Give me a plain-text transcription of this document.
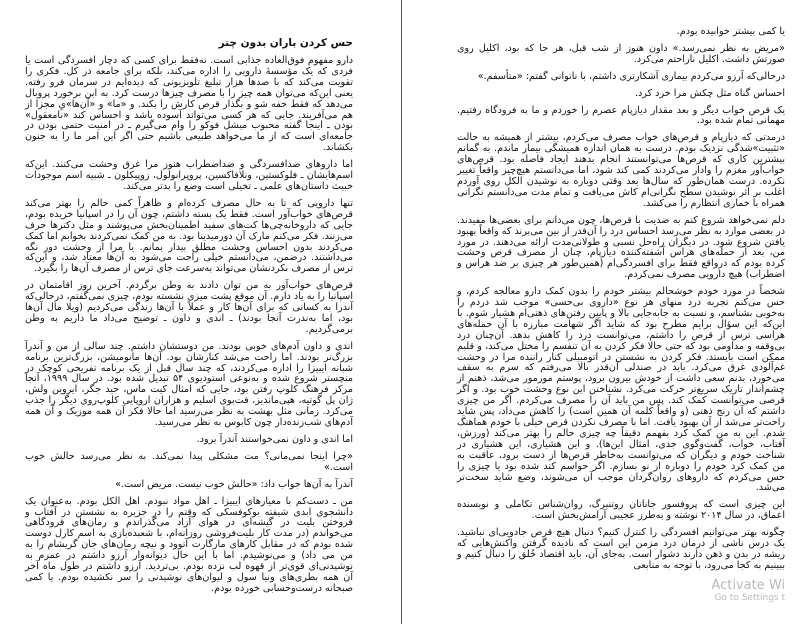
حس کردن باران بدون چتر

دارو مفهوم فوق‌العاده جذابی است. نه‌فقط برای کسی که دچار افسردگی است یا فردی که یک مؤسسهٔ دارویی را اداره می‌کند، بلکه برای جامعه در کل. فکری را تقویت می‌کند که با صدها هزار تبلیغ تلویزیونی که دیده‌ایم در سرمان فرو رفته. یعنی این‌که می‌توان همه چیز را با مصرف چیزها درست کرد. به این برخورد پروبال می‌دهد که فقط خفه شو و بگذار قرص کارش را بکند. و «ما» و «آن‌ها»یِ مجزا از هم می‌آفریند. جایی که هر کسی می‌تواند آسوده باشد و احساس کند «نامعقول» بودن ـ اینجا گفته محبوب میشل فوکو را وام می‌گیرم ـ در امنیت حتمی بودن در جامعه‌ای است که از ما می‌خواهد طبیعی باشیم حتی اگر این امر ما را به جنون بکشاند.

اما داروهای ضدافسردگی و ضداضطراب هنوز مرا غرق وحشت می‌کنند. این‌که اسم‌هایشان ـ فلوکستین، ونلافاکسین، پروپرانولول، زوپیکلون ـ شبیه اسم موجودات خبیث داستان‌های علمی ـ تخیلی است وضع را بدتر می‌کند.

تنها دارویی که تا به حال مصرف کرده‌ام و ظاهراً کمی حالم را بهتر می‌کند قرص‌های خواب‌آور است. فقط یک بسته داشتم، چون آن را در اسپانیا خریده بودم، جایی که داروخانه‌چی‌ها کت‌های سفید اطمینان‌بخش می‌پوشند و مثل دکترها حرف می‌زنند. فکر می‌کنم مارک آن دورمیدینا بود. به من کمک نمی‌کردند بخوابم اما کمک می‌کردند بدون احساس وحشت مطلق بیدار بمانم. یا مرا از وحشت دور نگه می‌داشتند. درضمن، می‌دانستم خیلی راحت می‌شود به آن‌ها معتاد شد، و این‌که ترس از مصرف نکردنشان می‌تواند به‌سرعت جای ترس از مصرف آن‌ها را بگیرد.

قرص‌های خواب‌آور به من توان دادند به وطن برگردم. آخرین روز اقامتمان در اسپانیا را به یاد دارم. آن موقع پشت میزی نشسته بودم، چیزی نمی‌گفتم، درحالی‌که آندرا به کسانی که برای آن‌ها کار و عملاً با آن‌ها زندگی می‌کردیم (ویلا مال آن‌ها بود، اما به‌ندرت آنجا بودند) ـ اندی و داون ـ توضیح می‌داد ما داریم به وطن برمی‌گردیم.

اندی و داون آدم‌های خوبی بودند. من دوستشان داشتم. چند سالی از من و آندرآ بزرگ‌تر بودند. اما راحت می‌شد کنارشان بود. آن‌ها مانومیشن، بزرگ‌ترین برنامه شبانه ایبیزا را اداره می‌کردند، که چند سال قبل از یک برنامه تفریحی کوچک در منچستر شروع شده و به‌نوعی استودیوی ۵۴ تبدیل شده بود. در سال ۱۹۹۹، آنجا مرکز فرهنگ کلوپ رفتن بود، جایی که امثال کیت ماس، جید جگر، ایروین ولش، ژان پل گوتیه، هپی‌ماندیز، فت‌بوی اسلیم و هزاران اروپایی کلوپ‌روی دیگر را جذب می‌کرد. زمانی مثل بهشت به نظر می‌رسید اما حالا فکر آن همه موزیک و آن همه آدم‌های شب‌زنده‌دار چون کابوس به نظر می‌رسید.

اما اندی و داون نمی‌خواستند آندرآ برود.

«چرا اینجا نمی‌مانی؟ مت مشکلی پیدا نمی‌کند. به نظر می‌رسد حالش خوب است.»

آندرآ به آن‌ها جواب داد: «حالش خوب نیست. مریض است.»

من ـ دست‌کم با معیارهای ایبیزا ـ اهل مواد نبودم. اهل الکل بودم. به‌عنوان یک دانشجوی ابدی شیفته بوکوفسکی که وقتم را در جزیره به نشستن در آفتاب و فروختن بلیت در گیشه‌ای در هوای آزاد می‌گذراندم و رمان‌های فرودگاهی می‌خواندم (در مدت کار بلیت‌فروشی روزانه‌ام، با شعبده‌بازی به اسم کارل دوست شده بودم که در مقابل کارهای مارگارت آتوود و نیچه رمان‌های جان گریشام را به من می داد) و می‌نوشیدم. اما با این حال دیوانه‌وار آرزو داشتم در عمرم به نوشیدنی‌ای قوی‌تر از قهوه لب نزده بودم. بی‌تردید. آرزو داشتم در طول ماه آخر آن همه بطری‌های ونیا سول و لیوان‌های نوشیدنی را سر نکشیده بودم. یا کمی صبحانه درست‌وحسابی خورده بودم.

یا کمی بیشتر خوابیده بودم.

«مریض به نظر نمی‌رسد.» داون هنوز از شب قبل، هر جا که بود، اکلیل روی صورتش داشت. اکلیل ناراحتم می‌کرد.

درحالی‌که آرزو می‌کردم بیماری آشکارتری داشتم، با ناتوانی گفتم: «متأسفم.»

احساس گناه مثل چکش مرا خرد کرد.

یک قرص خواب دیگر و بعد مقدار دیازپام عصرم را خوردم و ما به فرودگاه رفتیم. مهمانی تمام شده بود.

درمدتی که دیازپام و قرص‌های خواب مصرف می‌کردم، بیشتر از همیشه به حالت «تثبیت»شدگی نزدیک بودم. درست به همان اندازه همیشگی بیمار ماندم. به گمانم بیشترین کاری که قرص‌ها می‌توانستند انجام بدهند ایجاد فاصله بود. قرص‌های خواب‌آور مغزم را وادار می‌کردند کمی کند شود، اما می‌دانستم هیچ‌چیز واقعاً تغییر نکرده. درست همان‌طور که سال‌ها بعد وقتی دوباره به نوشیدن الکل روی آوردم اغلب بر اثر نوشیدن سطح نگرانی‌ام کاش می‌یافت و تمام مدت می‌دانستم نگرانی همراه با خماری انتظارم را می‌کشد.

دلم نمی‌خواهد شروع کنم به ضدیت با قرص‌ها، چون می‌دانم برای بعضی‌ها مفیدند. در بعضی موارد به نظر می‌رسد احساس درد را آن‌قدر از بین می‌برند که واقعاً بهبود یافتن شروع شود. در دیگران راه‌حل نسبی و طولانی‌مدت ارائه می‌دهند. در مورد من، بعد از حمله‌های هراس آشفته‌کننده دیازپام، چنان از مصرف قرص وحشت کرده بودم که درواقع فقط برای افسردگی‌ام (همین‌طور هر چیزی بر ضد هراس و اضطراب) هیچ دارویی مصرف نمی‌کردم.

شخصاً در مورد خودم خوشحالم بیشتر خودم را بدون کمک دارو معالجه کردم، و حس می‌کنم تجربه درد منهای هر نوع «داروی بی‌حسی» موجب شد دردم را به‌خوبی بشناسم، و نسبت به جابه‌جایی بالا و پایین رفتن‌های ذهنی‌ام هشیار شوم. با این‌که این سؤال برایم مطرح بود که شاید اگر شهامت مبارزه با آن حمله‌های هراسی ترس از قرص را داشتم، می‌توانست درد را کاهش بدهد. آن‌چنان درد بی‌وقفه و مداومی بود که حتی حالا فکر کردن به آن تنفسم را مختل می‌کند، و قلبم ممکن است بایستد. فکر کردن به نشستن در اتومبیلی کنار راننده مرا در وحشت غم‌آلودی غرق می‌کرد. باید در صندلی آن‌قدر بالا می‌رفتم که سرم به سقف می‌خورد، بدنم سعی داشت از خودش بیرون برود، پوستم مورمور می‌شد، ذهنم از چشم‌انداز تاریک سریع‌تر حرکت می‌کرد. نشناختن این نوع وحشت خوب بود. و اگر قرصی می‌توانست کمک کند. پس من باید آن را مصرف می‌کردم. اگر من چیزی داشتم که آن رنج ذهنی (و واقعاً کلمه آن همین است) را کاهش می‌داد، پس شاید راحت‌تر می‌شد از آن بهبود یافت. اما با مصرف نکردن قرص خیلی با خودم هماهنگ شدم. این به من کمک کرد بفهمم دقیقاً چه چیزی حالم را بهتر می‌کند (ورزش، آفتاب، خواب، گفت‌وگوی جدی، امثال این‌ها). و این هشیاری، این هشیاری در شناخت خودم و دیگران که می‌توانست به‌خاطر قرص‌ها از دست برود، عاقبت به من کمک کرد خودم را دوباره از نو بسازم. اگر حواسم کند شده بود یا چیزی را حس می‌کردم که داروهای روان‌گردان موجب آن می‌شوند، وضع شاید سخت‌تر می‌شد.

این چیزی است که پروفسور جاناتان روتنبرگ، روان‌شناس تکاملی و نویسنده اعماق، در سال ۲۰۱۴ نوشته و به‌طرز عجیبی آرامش‌بخش است.

چگونه بهتر می‌توانیم افسردگی را کنترل کنیم؟ دنبال هیچ قرص جادویی‌ای نباشید. یک درس ناشی از درمان درد مزمن این است که نادیده گرفتن واکنش‌هایی که ریشه در بدن و ذهن دارند دشوار است. به‌جای آن، باید اقتصاد خُلق را دنبال کنیم و ببینیم به کجا می‌رود، با توجه به منابعی

Activate Wi
Go to Settings t
